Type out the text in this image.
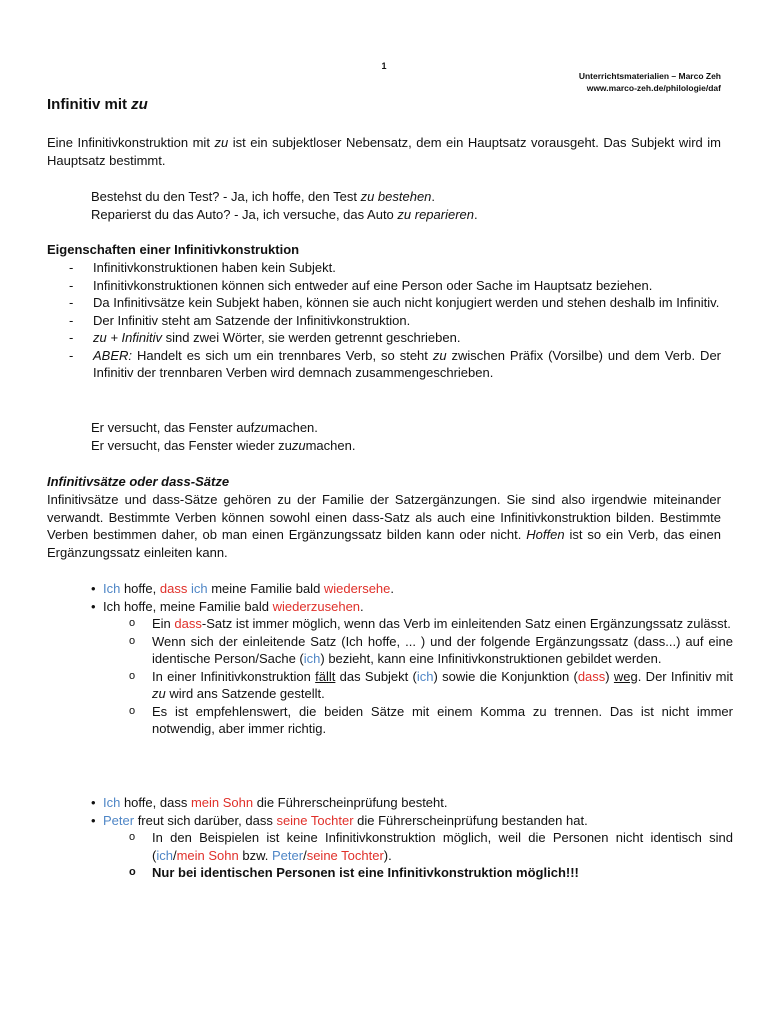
1
Unterrichtsmaterialien – Marco Zeh
www.marco-zeh.de/philologie/daf
Infinitiv mit zu
Eine Infinitivkonstruktion mit zu ist ein subjektloser Nebensatz, dem ein Hauptsatz vorausgeht. Das Subjekt wird im Hauptsatz bestimmt.
Bestehst du den Test? - Ja, ich hoffe, den Test zu bestehen.
Reparierst du das Auto? - Ja, ich versuche, das Auto zu reparieren.
Eigenschaften einer Infinitivkonstruktion
- Infinitivkonstruktionen haben kein Subjekt.
- Infinitivkonstruktionen können sich entweder auf eine Person oder Sache im Hauptsatz beziehen.
- Da Infinitivsätze kein Subjekt haben, können sie auch nicht konjugiert werden und stehen deshalb im Infinitiv.
- Der Infinitiv steht am Satzende der Infinitivkonstruktion.
- zu + Infinitiv sind zwei Wörter, sie werden getrennt geschrieben.
- ABER: Handelt es sich um ein trennbares Verb, so steht zu zwischen Präfix (Vorsilbe) und dem Verb. Der Infinitiv der trennbaren Verben wird demnach zusammengeschrieben.
Er versucht, das Fenster aufzumachen.
Er versucht, das Fenster wieder zuzumachen.
Infinitivsätze oder dass-Sätze
Infinitivsätze und dass-Sätze gehören zu der Familie der Satzergänzungen. Sie sind also irgendwie miteinander verwandt. Bestimmte Verben können sowohl einen dass-Satz als auch eine Infinitivkonstruktion bilden. Bestimmte Verben bestimmen daher, ob man einen Ergänzungssatz bilden kann oder nicht. Hoffen ist so ein Verb, das einen Ergänzungssatz einleiten kann.
• Ich hoffe, dass ich meine Familie bald wiedersehe.
• Ich hoffe, meine Familie bald wiederzusehen.
o Ein dass-Satz ist immer möglich, wenn das Verb im einleitenden Satz einen Ergänzungssatz zulässt.
o Wenn sich der einleitende Satz (Ich hoffe, ... ) und der folgende Ergänzungssatz (dass...) auf eine identische Person/Sache (ich) bezieht, kann eine Infinitivkonstruktionen gebildet werden.
o In einer Infinitivkonstruktion fällt das Subjekt (ich) sowie die Konjunktion (dass) weg. Der Infinitiv mit zu wird ans Satzende gestellt.
o Es ist empfehlenswert, die beiden Sätze mit einem Komma zu trennen. Das ist nicht immer notwendig, aber immer richtig.
• Ich hoffe, dass mein Sohn die Führerscheinprüfung besteht.
• Peter freut sich darüber, dass seine Tochter die Führerscheinprüfung bestanden hat.
o In den Beispielen ist keine Infinitivkonstruktion möglich, weil die Personen nicht identisch sind (ich/mein Sohn bzw. Peter/seine Tochter).
o Nur bei identischen Personen ist eine Infinitivkonstruktion möglich!!!
